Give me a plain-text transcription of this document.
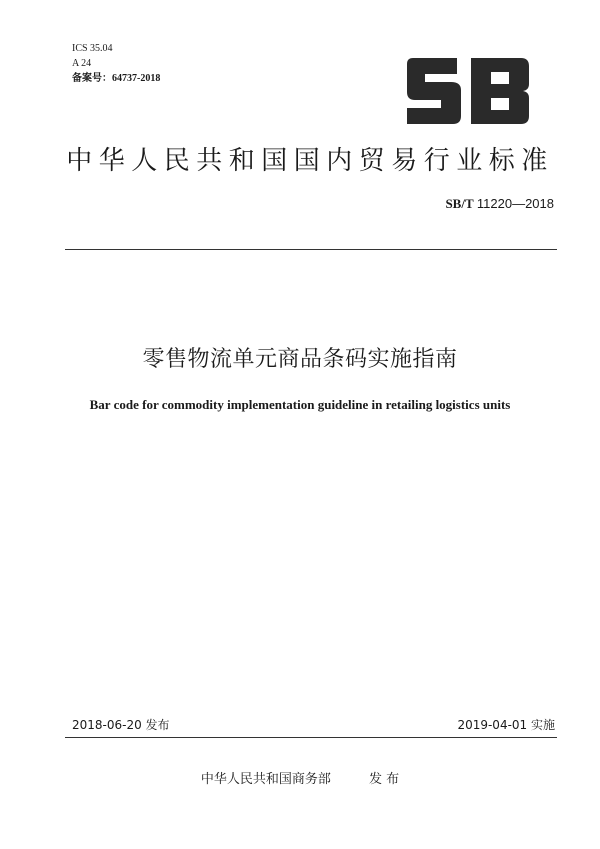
ICS 35.04
A 24
备案号：64737-2018
中华人民共和国国内贸易行业标准
SB/T 11220—2018
零售物流单元商品条码实施指南
Bar code for commodity implementation guideline in retailing logistics units
2018-06-20 发布	2019-04-01 实施
中华人民共和国商务部	发 布
